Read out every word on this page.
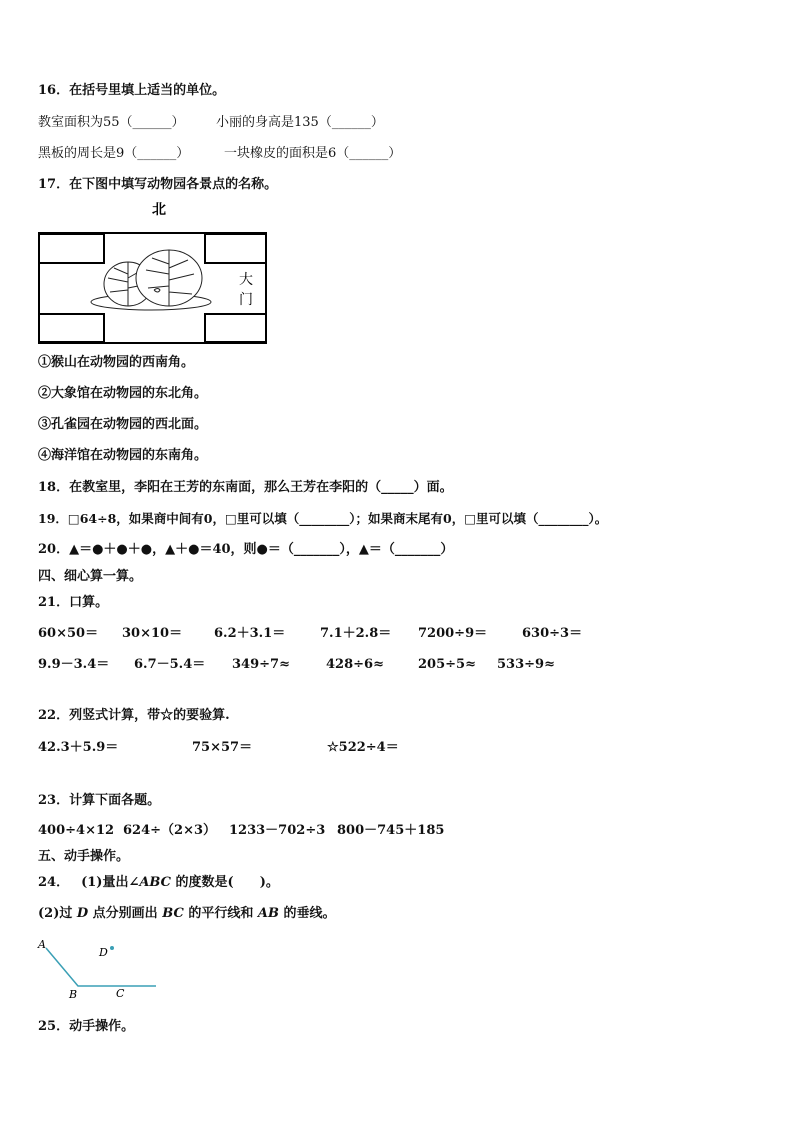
16．在括号里填上适当的单位。
教室面积为55（______） 小丽的身高是135（______）
黑板的周长是9（______）	一块橡皮的面积是6（______）
17．在下图中填写动物园各景点的名称。
北
大
门
①猴山在动物园的西南角。
②大象馆在动物园的东北角。
③孔雀园在动物园的西北面。
④海洋馆在动物园的东南角。
18．在教室里，李阳在王芳的东南面，那么王芳在李阳的（_____）面。
19．□64÷8，如果商中间有0，□里可以填（________）；如果商末尾有0，□里可以填（________）。
20．▲＝●＋●＋●，▲＋●＝40，则●＝（_______），▲＝（_______）
四、细心算一算。
21．口算。
60×50＝ 30×10＝ 6.2＋3.1＝	7.1＋2.8＝ 7200÷9＝	630÷3＝
9.9－3.4＝ 6.7－5.4＝ 349÷7≈	428÷6≈	205÷5≈ 533÷9≈
22．列竖式计算，带☆的要验算.
42.3＋5.9＝	75×57＝	☆522÷4＝
23．计算下面各题。
400÷4×12 624÷（2×3） 1233－702÷3 800－745＋185
五、动手操作。
24． (1)量出∠ABC 的度数是(　　)。
(2)过 D 点分别画出 BC 的平行线和 AB 的垂线。
A
B	C
D
25．动手操作。
